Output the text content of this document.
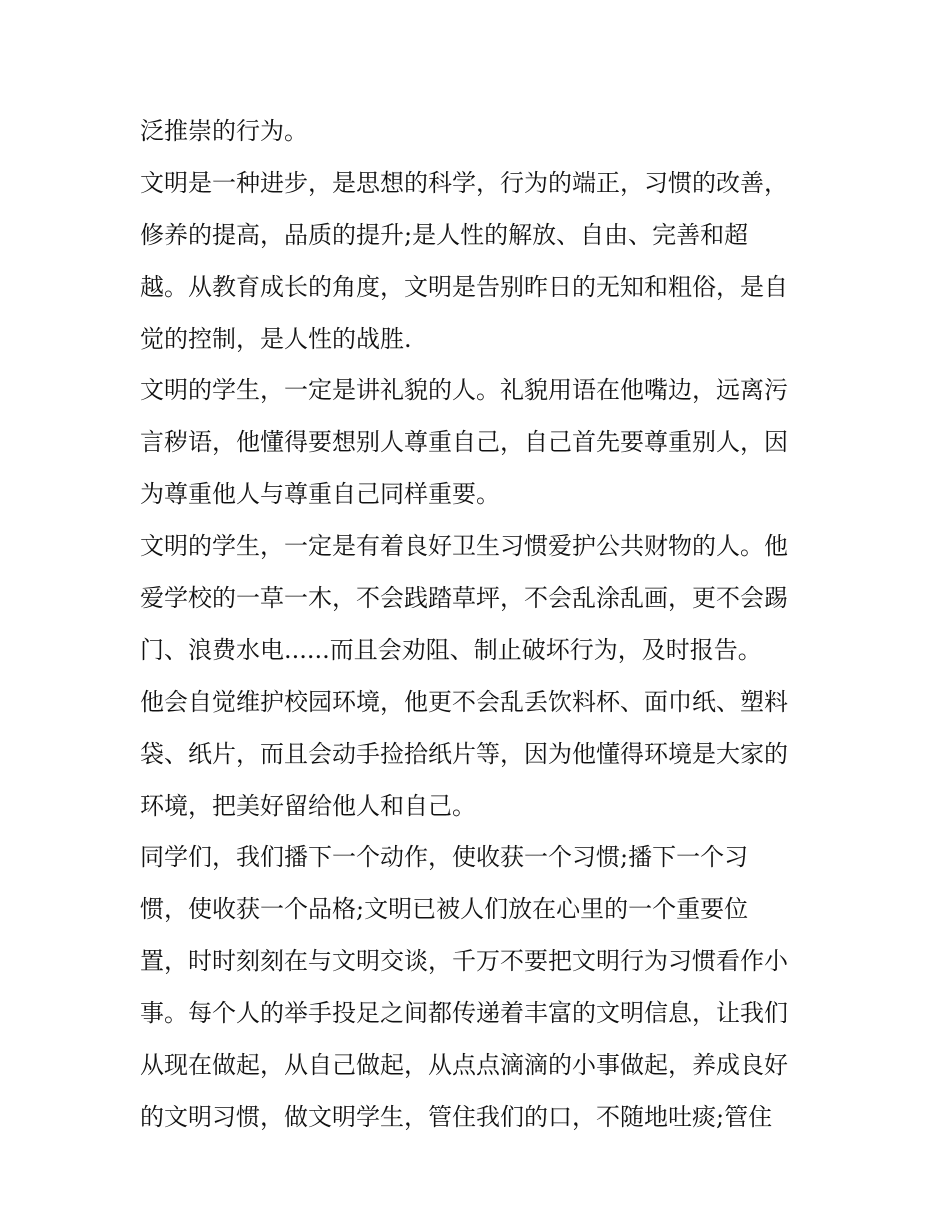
泛推崇的行为。
文明是一种进步，是思想的科学，行为的端正，习惯的改善，
修养的提高，品质的提升;是人性的解放、自由、完善和超
越。从教育成长的角度，文明是告别昨日的无知和粗俗，是自
觉的控制，是人性的战胜.
文明的学生，一定是讲礼貌的人。礼貌用语在他嘴边，远离污
言秽语，他懂得要想别人尊重自己，自己首先要尊重别人，因
为尊重他人与尊重自己同样重要。
文明的学生，一定是有着良好卫生习惯爱护公共财物的人。他
爱学校的一草一木，不会践踏草坪，不会乱涂乱画，更不会踢
门、浪费水电......而且会劝阻、制止破坏行为，及时报告。
他会自觉维护校园环境，他更不会乱丢饮料杯、面巾纸、塑料
袋、纸片，而且会动手捡拾纸片等，因为他懂得环境是大家的
环境，把美好留给他人和自己。
同学们，我们播下一个动作，使收获一个习惯;播下一个习
惯，使收获一个品格;文明已被人们放在心里的一个重要位
置，时时刻刻在与文明交谈，千万不要把文明行为习惯看作小
事。每个人的举手投足之间都传递着丰富的文明信息，让我们
从现在做起，从自己做起，从点点滴滴的小事做起，养成良好
的文明习惯，做文明学生，管住我们的口，不随地吐痰;管住
